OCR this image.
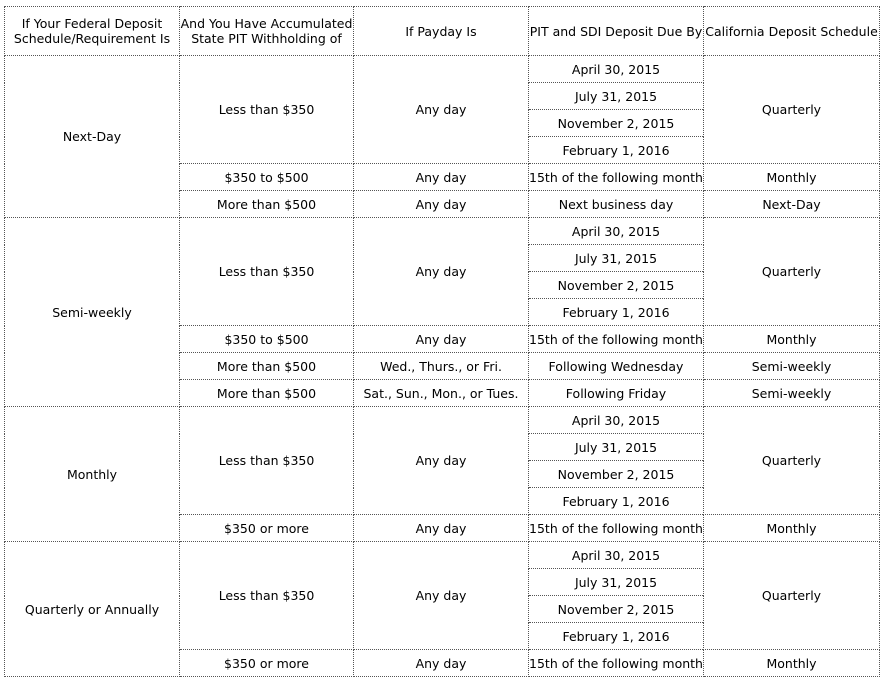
If Your Federal Deposit Schedule/Requirement Is	And You Have Accumulated State PIT Withholding of	If Payday Is	PIT and SDI Deposit Due By	California Deposit Schedule
Next-Day	Less than $350	Any day	April 30, 2015	Quarterly
			July 31, 2015	
			November 2, 2015	
			February 1, 2016	
	$350 to $500	Any day	15th of the following month	Monthly
	More than $500	Any day	Next business day	Next-Day
Semi-weekly	Less than $350	Any day	April 30, 2015	Quarterly
			July 31, 2015	
			November 2, 2015	
			February 1, 2016	
	$350 to $500	Any day	15th of the following month	Monthly
	More than $500	Wed., Thurs., or Fri.	Following Wednesday	Semi-weekly
	More than $500	Sat., Sun., Mon., or Tues.	Following Friday	Semi-weekly
Monthly	Less than $350	Any day	April 30, 2015	Quarterly
			July 31, 2015	
			November 2, 2015	
			February 1, 2016	
	$350 or more	Any day	15th of the following month	Monthly
Quarterly or Annually	Less than $350	Any day	April 30, 2015	Quarterly
			July 31, 2015	
			November 2, 2015	
			February 1, 2016	
	$350 or more	Any day	15th of the following month	Monthly
